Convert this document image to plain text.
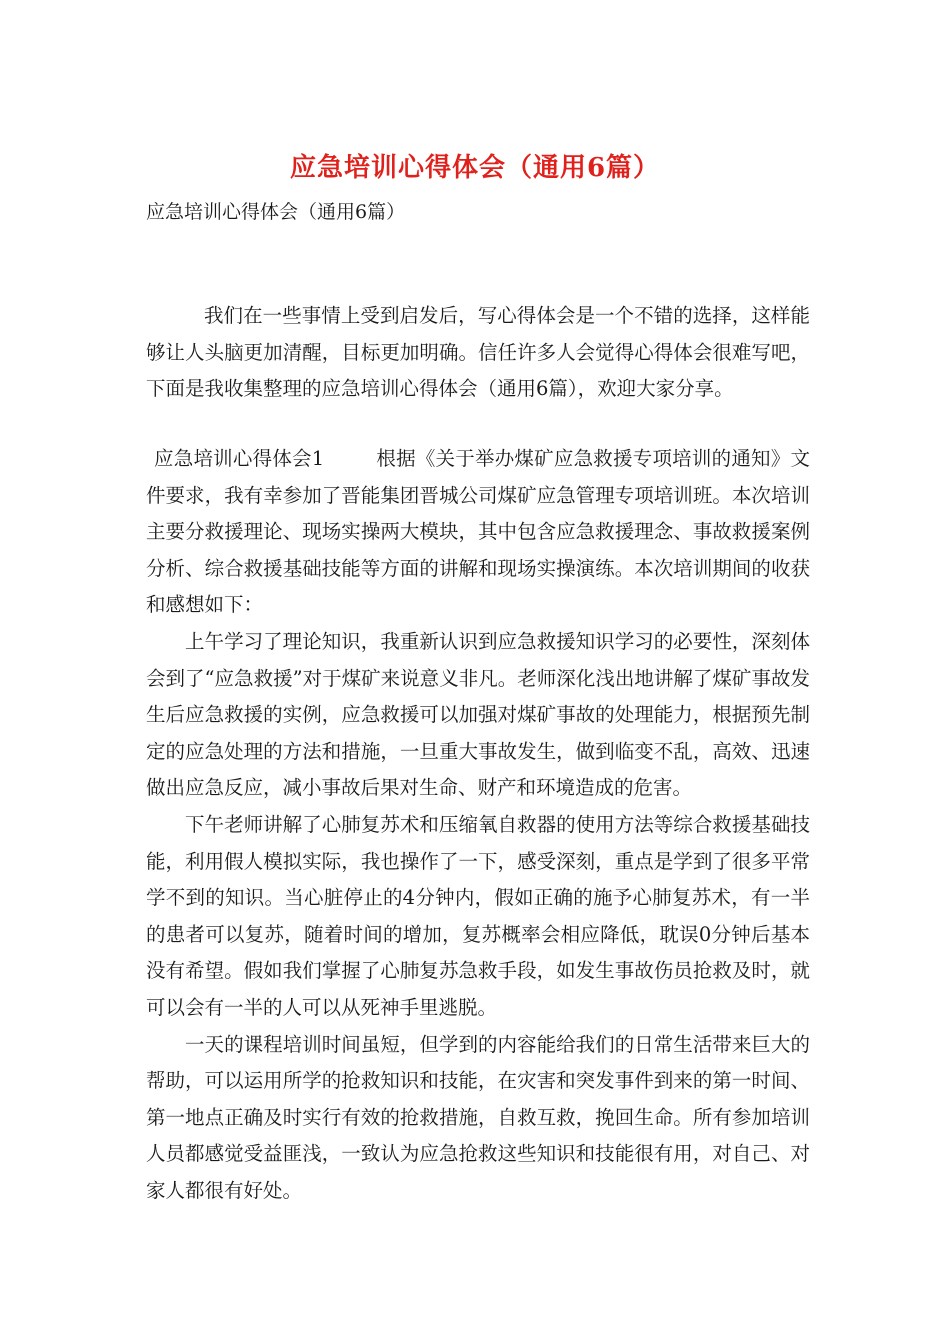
应急培训心得体会（通用6篇）
应急培训心得体会（通用6篇）

我们在一些事情上受到启发后，写心得体会是一个不错的选择，这样能够让人头脑更加清醒，目标更加明确。信任许多人会觉得心得体会很难写吧，下面是我收集整理的应急培训心得体会（通用6篇），欢迎大家分享。

应急培训心得体会1	根据《关于举办煤矿应急救援专项培训的通知》文件要求，我有幸参加了晋能集团晋城公司煤矿应急管理专项培训班。本次培训主要分救援理论、现场实操两大模块，其中包含应急救援理念、事故救援案例分析、综合救援基础技能等方面的讲解和现场实操演练。本次培训期间的收获和感想如下：

上午学习了理论知识，我重新认识到应急救援知识学习的必要性，深刻体会到了“应急救援”对于煤矿来说意义非凡。老师深化浅出地讲解了煤矿事故发生后应急救援的实例，应急救援可以加强对煤矿事故的处理能力，根据预先制定的应急处理的方法和措施，一旦重大事故发生，做到临变不乱，高效、迅速做出应急反应，减小事故后果对生命、财产和环境造成的危害。

下午老师讲解了心肺复苏术和压缩氧自救器的使用方法等综合救援基础技能，利用假人模拟实际，我也操作了一下，感受深刻，重点是学到了很多平常学不到的知识。当心脏停止的4分钟内，假如正确的施予心肺复苏术，有一半的患者可以复苏，随着时间的增加，复苏概率会相应降低，耽误0分钟后基本没有希望。假如我们掌握了心肺复苏急救手段，如发生事故伤员抢救及时，就可以会有一半的人可以从死神手里逃脱。

一天的课程培训时间虽短，但学到的内容能给我们的日常生活带来巨大的帮助，可以运用所学的抢救知识和技能，在灾害和突发事件到来的第一时间、第一地点正确及时实行有效的抢救措施，自救互救，挽回生命。所有参加培训人员都感觉受益匪浅，一致认为应急抢救这些知识和技能很有用，对自己、对家人都很有好处。
